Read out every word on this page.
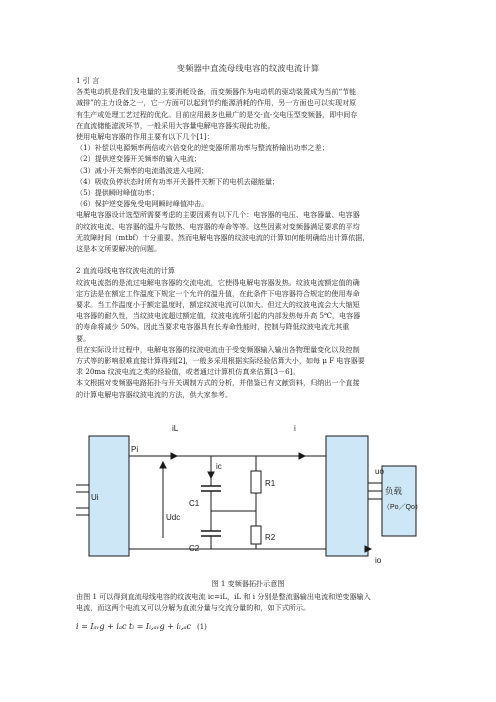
变频器中直流母线电容的纹波电流计算

1 引 言

各类电动机是我们发电量的主要消耗设备，而变频器作为电动机的驱动装置成为当前“节能

减排”的主力设备之一，它一方面可以起到节约能源消耗的作用，另一方面也可以实现对原

有生产或处理工艺过程的优化。目前应用最多也最广的是交-直-交电压型变频器，即中间存

在直流储能滤波环节，一般采用大容量电解电容器实现此功能。

使用电解电容器的作用主要有以下几个[1]：

（1）补偿以电源频率两倍或六倍变化的逆变器所需功率与整流桥输出功率之差；

（2）提供逆变器开关频率的输入电流；

（3）减小开关频率的电流谐波进入电网；

（4）吸收负停状态时所有功率开关器件关断下的电机去磁能量；

（5）提供瞬时峰值功率；

（6）保护逆变器免受电网瞬时峰值冲击。

电解电容器设计选型所需要考虑的主要因素有以下几个：电容器的电压、电容器量、电容器

的纹波电流、电容器的温升与散热、电容器的寿命等等。这些因素对变频器满足要求的平均

无故障时间（mtbf）十分重要。然而电解电容器的纹波电流的计算如何能明确给出计算依据，

这是本文所要解决的问题。

2 直流母线电容纹波电流的计算

纹波电流指的是流过电解电容器的交流电流，它使得电解电容器发热。纹波电流额定值的确

定方法是在额定工作温度下规定一个允许的温升值，在此条件下电容器符合规定的使用寿命

要求。当工作温度小于额定温度时，额定纹波电流可以加大。但过大的纹波电流会大大缩短

电容器的耐久性，当纹波电流超过额定值，纹波电流所引起的内部发热每升高 5℃，电容器

的寿命将减少 50%。因此当要求电容器具有长寿命性能时，控制与降低纹波电流尤其重

要。

但在实际设计过程中，电解电容器的纹波电流由于受变频器输入输出各物理量变化以及控制

方式等的影响很难直接计算得到[2]，一般多采用根据实际经验估算大小，如每 μ F 电容器要

求 20ma 纹波电流之类的经验值，或者通过计算机仿真来估算[3－6]。

本文根据对变频器电路拓扑与开关调制方式的分析，并借鉴已有文献资料，归纳出一个直接

的计算电解电容器纹波电流的方法，供大家参考。

iL	i
ic
Pi
Ui
Udc
C1
C2
R1
R2
uo
io
负载
（Po／Qo）
图 1 变频器拓扑示意图

由图 1 可以得到直流母线电容的纹波电流 ic=iL，iL 和 i 分别是整流器输出电流和逆变器输入

电流，而这两个电流又可以分解为直流分量与交流分量的和，如下式所示。

i = Iₐᵥg + iₐc tₗ = Iₗ,ₐᵥg + iₗ,ₐc (1)
